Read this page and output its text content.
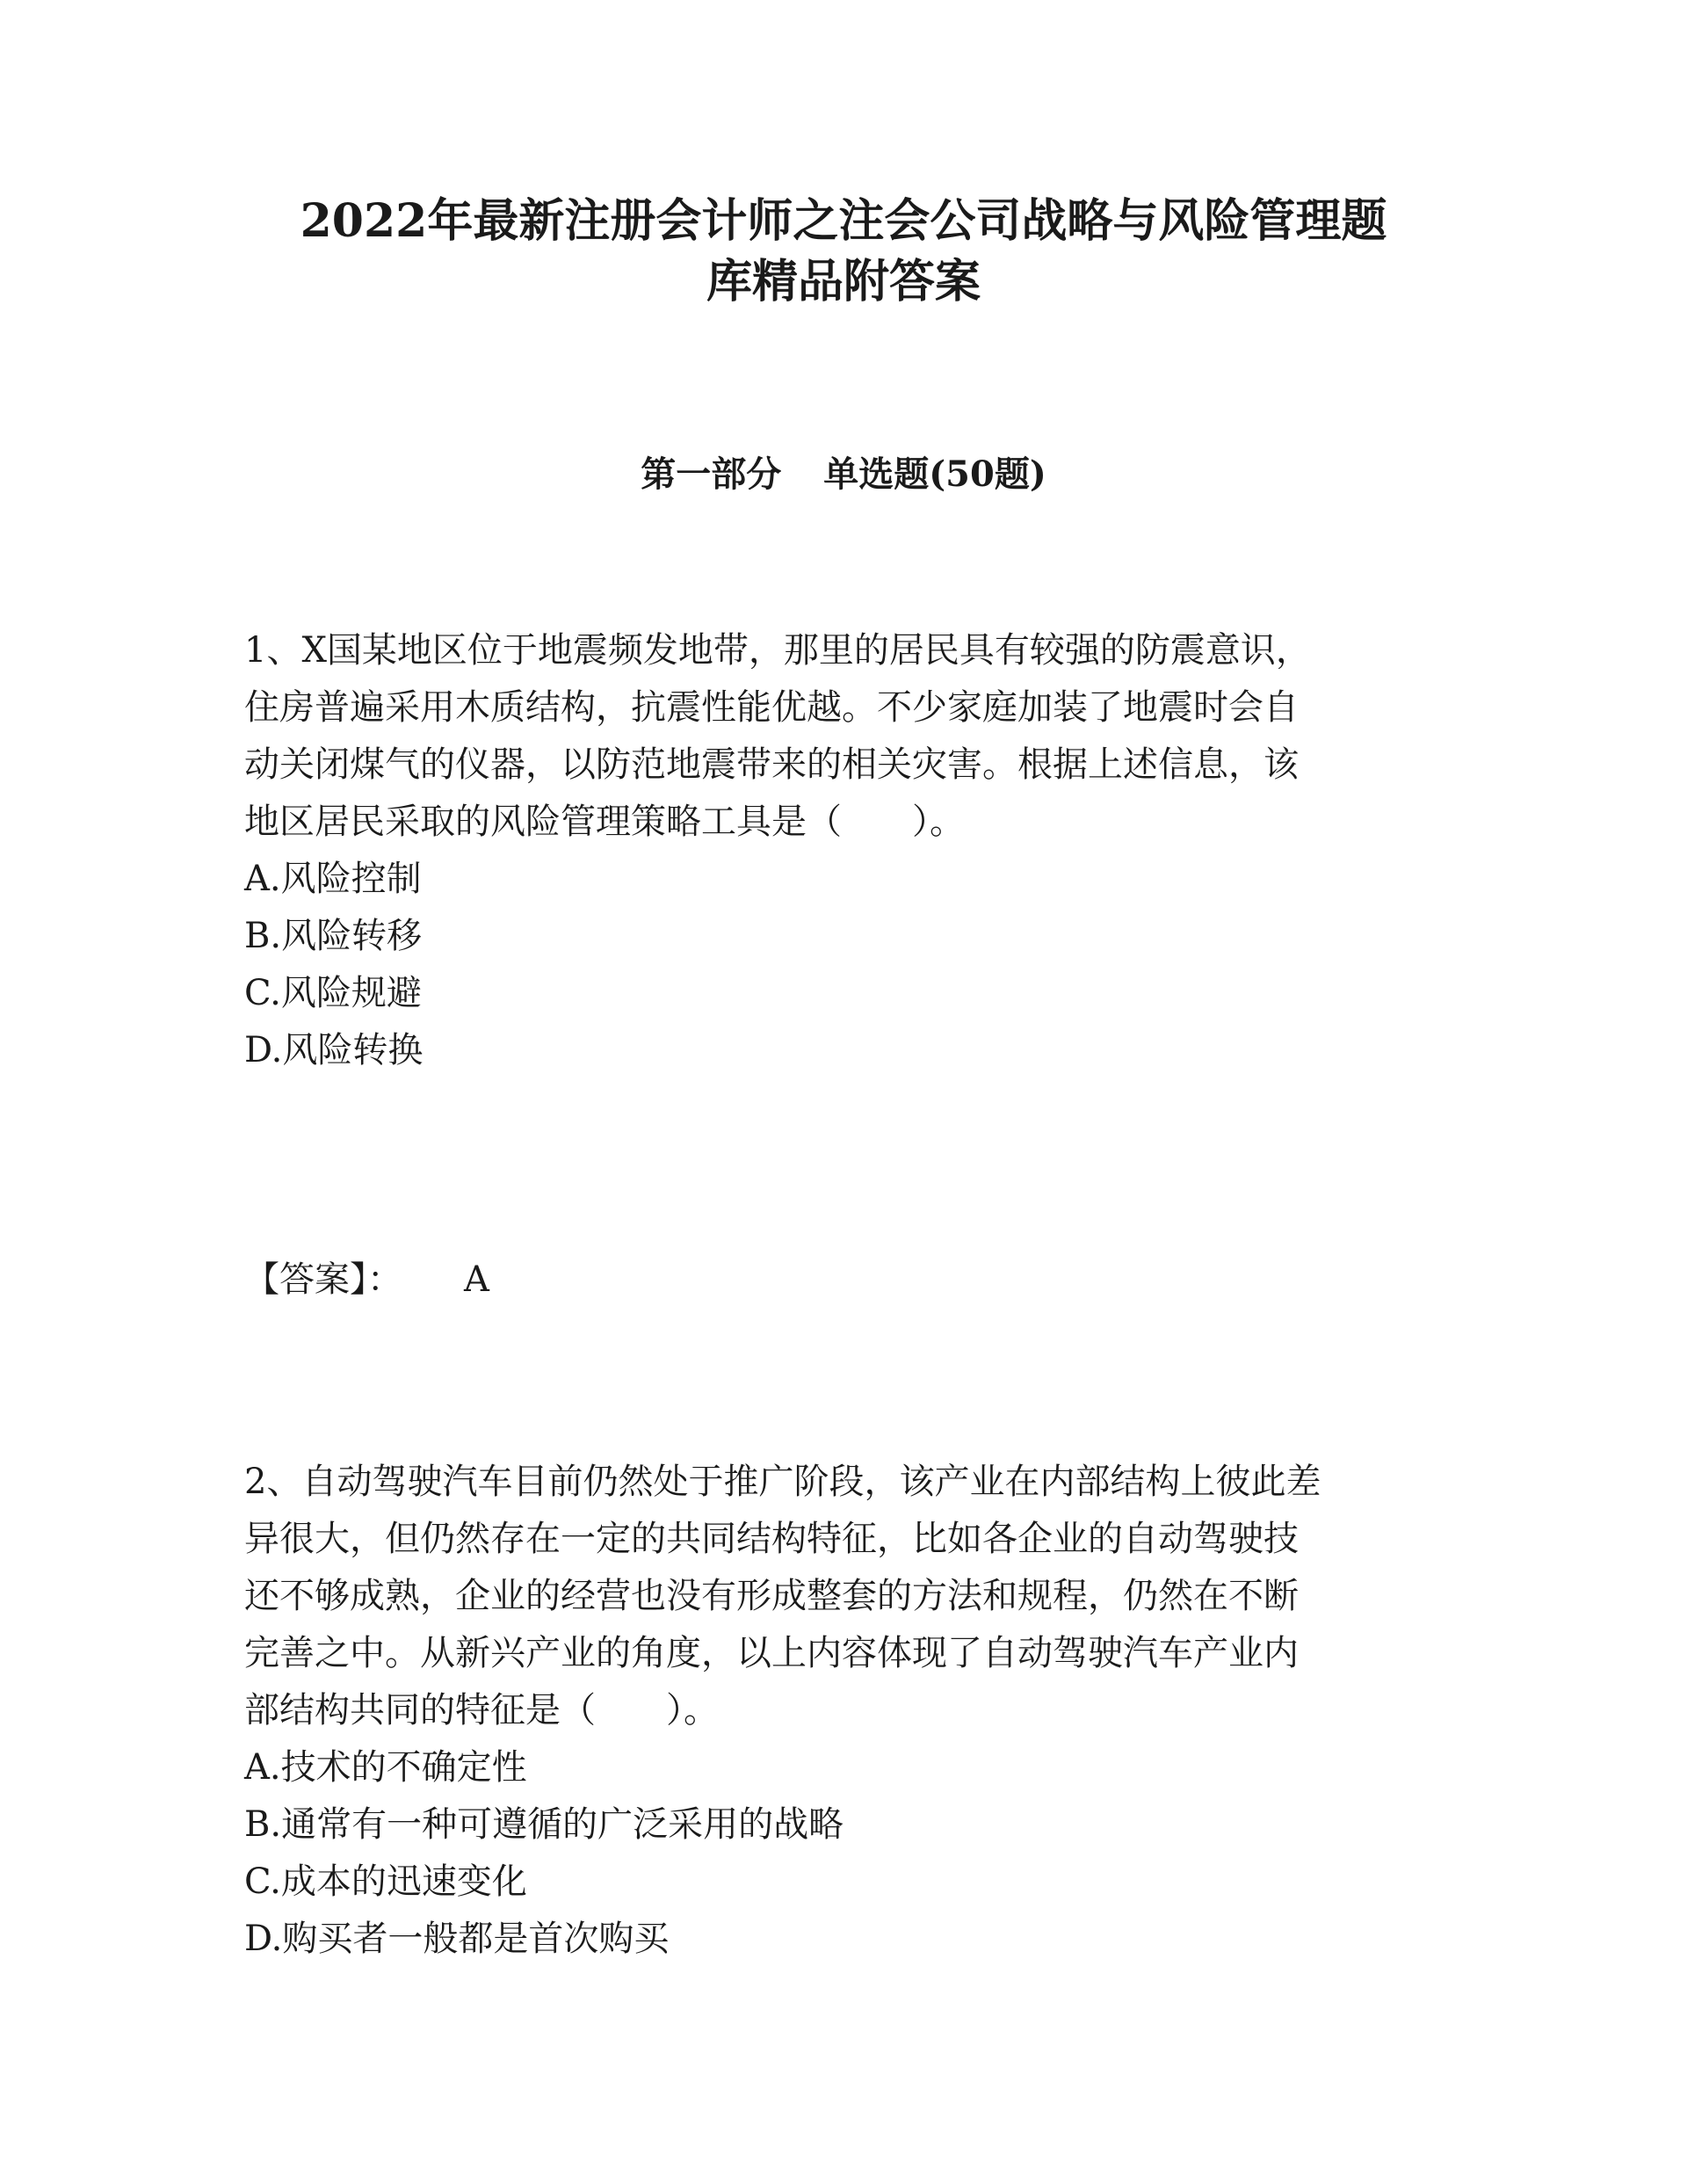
2022年最新注册会计师之注会公司战略与风险管理题
库精品附答案
第一部分 单选题(50题)
1、X国某地区位于地震频发地带，那里的居民具有较强的防震意识，
住房普遍采用木质结构，抗震性能优越。不少家庭加装了地震时会自
动关闭煤气的仪器，以防范地震带来的相关灾害。根据上述信息，该
地区居民采取的风险管理策略工具是（　　）。
A.风险控制
B.风险转移
C.风险规避
D.风险转换
【答案】： A
2、自动驾驶汽车目前仍然处于推广阶段，该产业在内部结构上彼此差
异很大，但仍然存在一定的共同结构特征，比如各企业的自动驾驶技
还不够成熟，企业的经营也没有形成整套的方法和规程，仍然在不断
完善之中。从新兴产业的角度，以上内容体现了自动驾驶汽车产业内
部结构共同的特征是（　　）。
A.技术的不确定性
B.通常有一种可遵循的广泛采用的战略
C.成本的迅速变化
D.购买者一般都是首次购买
